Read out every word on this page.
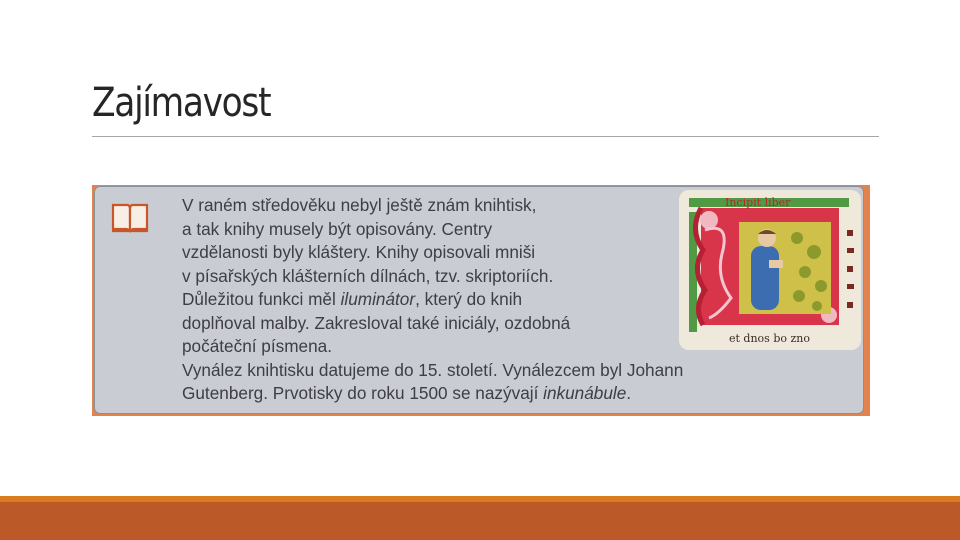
Zajímavost
V raném středověku nebyl ještě znám knihtisk,
a tak knihy musely být opisovány. Centry
vzdělanosti byly kláštery. Knihy opisovali mniši
v písařských klášterních dílnách, tzv. skriptoriích.
Důležitou funkci měl iluminátor, který do knih
doplňoval malby. Zakresloval také iniciály, ozdobná
počáteční písmena.
Vynález knihtisku datujeme do 15. století. Vynálezcem byl Johann
Gutenberg. Prvotisky do roku 1500 se nazývají inkunábule.
Incipit liber
et dnos bo zno
